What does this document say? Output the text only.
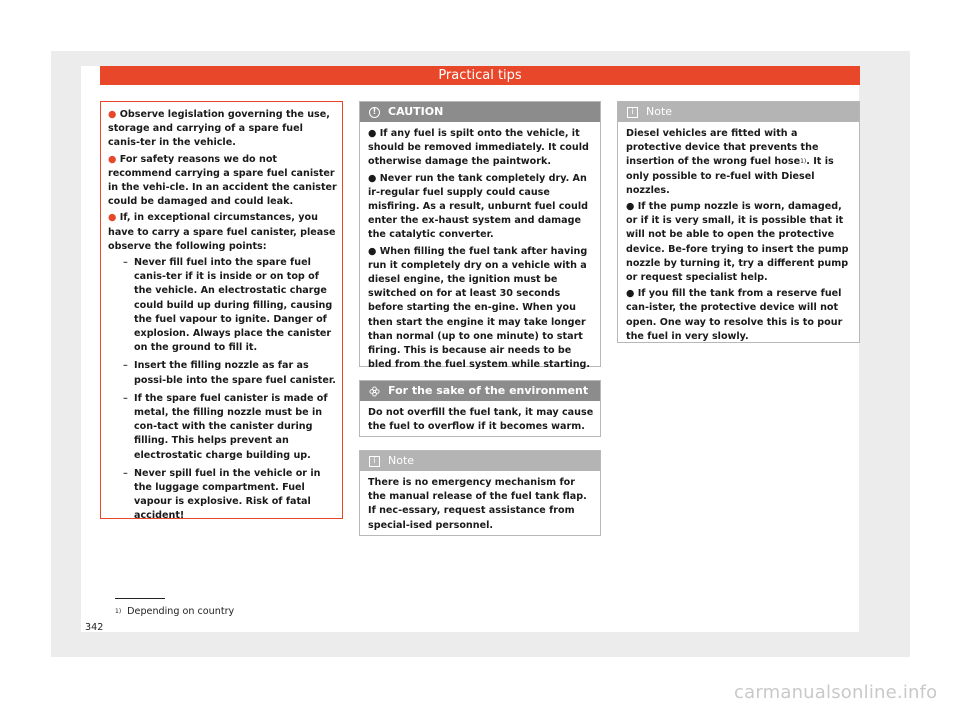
Practical tips

● Observe legislation governing the use, storage and carrying of a spare fuel canis-ter in the vehicle.

● For safety reasons we do not recommend carrying a spare fuel canister in the vehi-cle. In an accident the canister could be damaged and could leak.

● If, in exceptional circumstances, you have to carry a spare fuel canister, please observe the following points:

– Never fill fuel into the spare fuel canis-ter if it is inside or on top of the vehicle. An electrostatic charge could build up during filling, causing the fuel vapour to ignite. Danger of explosion. Always place the canister on the ground to fill it.

– Insert the filling nozzle as far as possi-ble into the spare fuel canister.

– If the spare fuel canister is made of metal, the filling nozzle must be in con-tact with the canister during filling. This helps prevent an electrostatic charge building up.

– Never spill fuel in the vehicle or in the luggage compartment. Fuel vapour is explosive. Risk of fatal accident!

!	CAUTION

● If any fuel is spilt onto the vehicle, it should be removed immediately. It could otherwise damage the paintwork.

● Never run the tank completely dry. An ir-regular fuel supply could cause misfiring. As a result, unburnt fuel could enter the ex-haust system and damage the catalytic converter.

● When filling the fuel tank after having run it completely dry on a vehicle with a diesel engine, the ignition must be switched on for at least 30 seconds before starting the en-gine. When you then start the engine it may take longer than normal (up to one minute) to start firing. This is because air needs to be bled from the fuel system while starting.

For the sake of the environment

Do not overfill the fuel tank, it may cause the fuel to overflow if it becomes warm.

i	Note

There is no emergency mechanism for the manual release of the fuel tank flap. If nec-essary, request assistance from special-ised personnel.

i	Note

Diesel vehicles are fitted with a protective device that prevents the insertion of the wrong fuel hose$^{1)}$. It is only possible to re-fuel with Diesel nozzles.

● If the pump nozzle is worn, damaged, or if it is very small, it is possible that it will not be able to open the protective device. Be-fore trying to insert the pump nozzle by turning it, try a different pump or request specialist help.

● If you fill the tank from a reserve fuel can-ister, the protective device will not open. One way to resolve this is to pour the fuel in very slowly.

$^{1)}$ Depending on country
342
carmanualsonline.info
